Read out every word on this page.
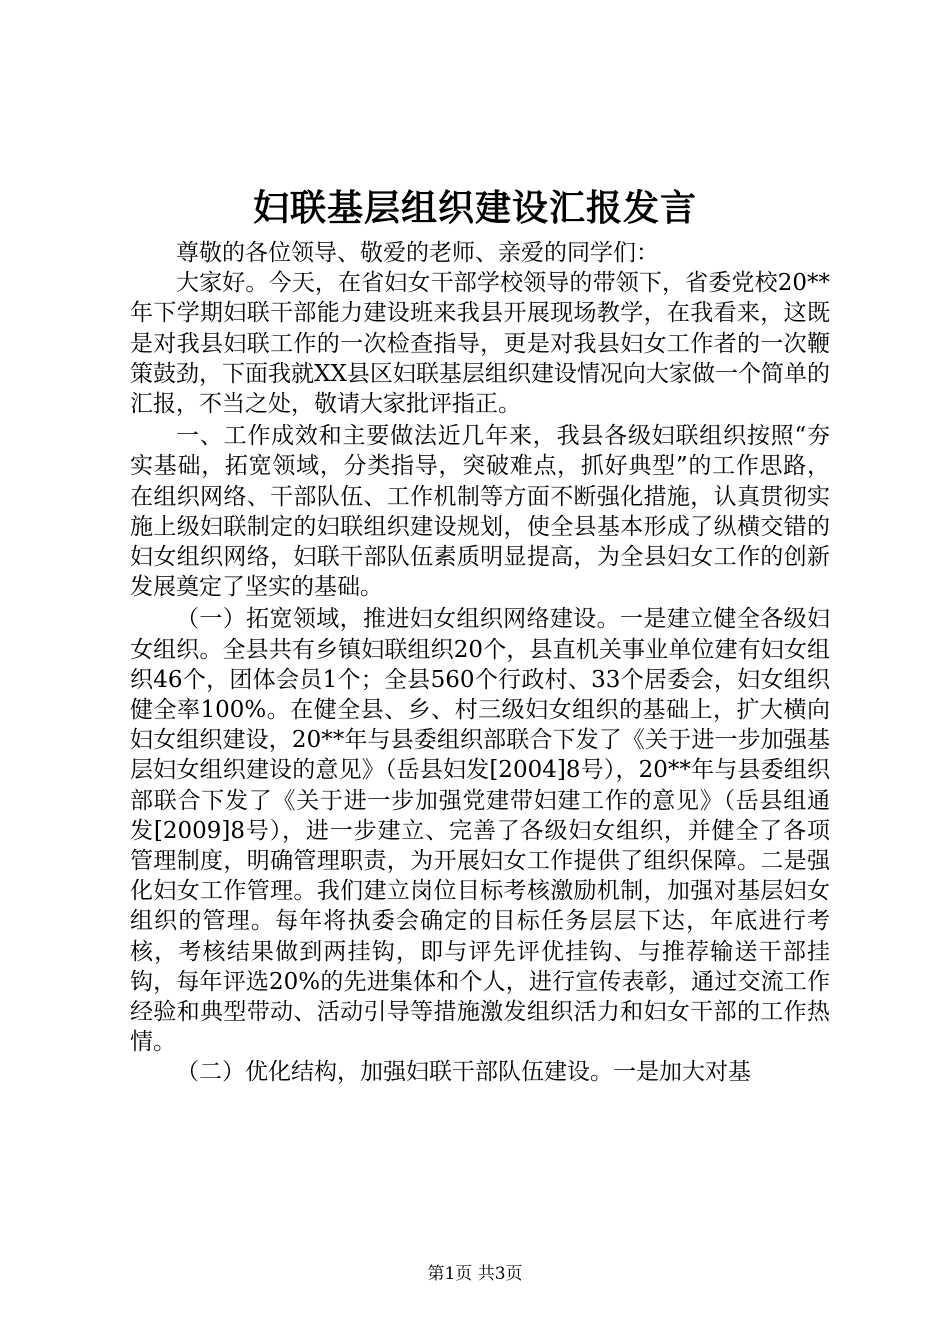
妇联基层组织建设汇报发言

尊敬的各位领导、敬爱的老师、亲爱的同学们：

大家好。今天，在省妇女干部学校领导的带领下，省委党校20**年下学期妇联干部能力建设班来我县开展现场教学，在我看来，这既是对我县妇联工作的一次检查指导，更是对我县妇女工作者的一次鞭策鼓劲，下面我就XX县区妇联基层组织建设情况向大家做一个简单的汇报，不当之处，敬请大家批评指正。

一、工作成效和主要做法近几年来，我县各级妇联组织按照“夯实基础，拓宽领域，分类指导，突破难点，抓好典型”的工作思路，在组织网络、干部队伍、工作机制等方面不断强化措施，认真贯彻实施上级妇联制定的妇联组织建设规划，使全县基本形成了纵横交错的妇女组织网络，妇联干部队伍素质明显提高，为全县妇女工作的创新发展奠定了坚实的基础。

（一）拓宽领域，推进妇女组织网络建设。一是建立健全各级妇女组织。全县共有乡镇妇联组织20个，县直机关事业单位建有妇女组织46个，团体会员1个；全县560个行政村、33个居委会，妇女组织健全率100%。在健全县、乡、村三级妇女组织的基础上，扩大横向妇女组织建设，20**年与县委组织部联合下发了《关于进一步加强基层妇女组织建设的意见》（岳县妇发[2004]8号），20**年与县委组织部联合下发了《关于进一步加强党建带妇建工作的意见》（岳县组通发[2009]8号），进一步建立、完善了各级妇女组织，并健全了各项管理制度，明确管理职责，为开展妇女工作提供了组织保障。二是强化妇女工作管理。我们建立岗位目标考核激励机制，加强对基层妇女组织的管理。每年将执委会确定的目标任务层层下达，年底进行考核，考核结果做到两挂钩，即与评先评优挂钩、与推荐输送干部挂钩，每年评选20%的先进集体和个人，进行宣传表彰，通过交流工作经验和典型带动、活动引导等措施激发组织活力和妇女干部的工作热情。

（二）优化结构，加强妇联干部队伍建设。一是加大对基

第1页 共3页
